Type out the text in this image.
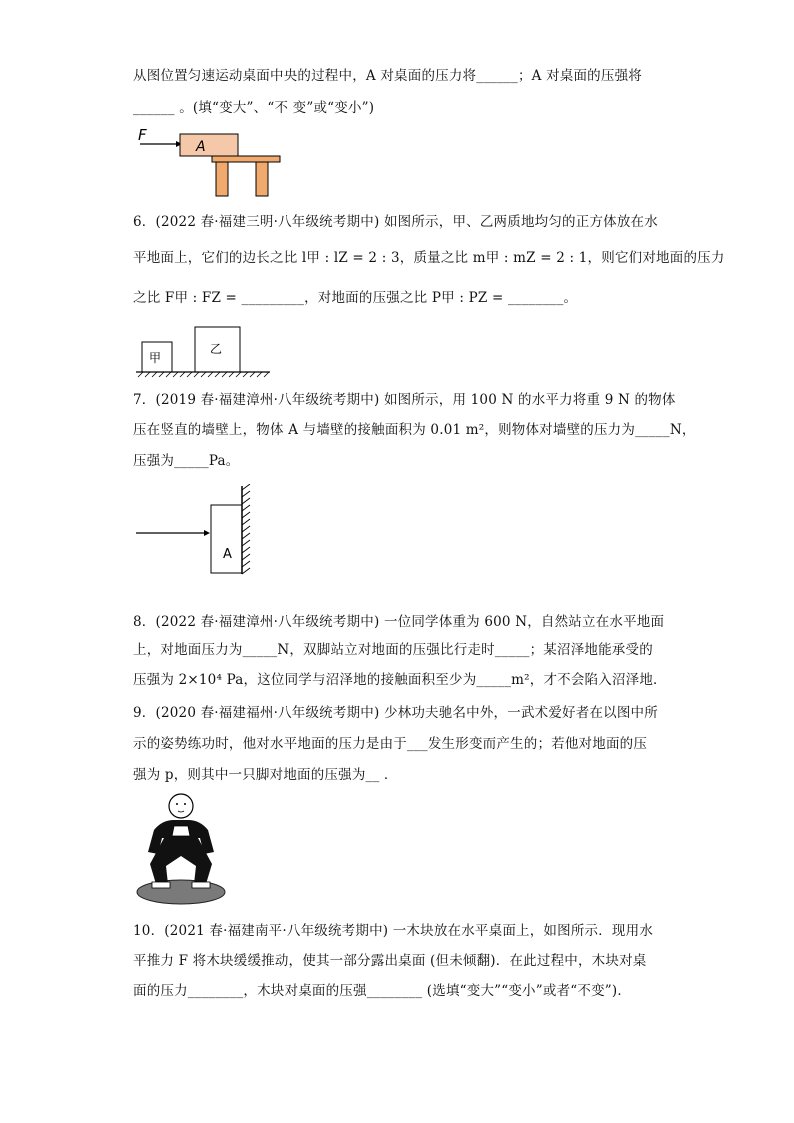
从图位置匀速运动桌面中央的过程中，A 对桌面的压力将______；A 对桌面的压强将
______ 。(填“变大”、“不 变”或“变小”)
F
A
6．(2022 春·福建三明·八年级统考期中) 如图所示，甲、乙两质地均匀的正方体放在水
平地面上，它们的边长之比 l甲 : lZ = 2 : 3，质量之比 m甲 : mZ = 2 : 1，则它们对地面的压力
之比 F甲 : FZ = _________，对地面的压强之比 P甲 : PZ = ________。
甲
乙
7．(2019 春·福建漳州·八年级统考期中) 如图所示，用 100 N 的水平力将重 9 N 的物体
压在竖直的墙壁上，物体 A 与墙壁的接触面积为 0.01 m²，则物体对墙壁的压力为_____N，
压强为_____Pa。
A
8．(2022 春·福建漳州·八年级统考期中) 一位同学体重为 600 N，自然站立在水平地面
上，对地面压力为_____N，双脚站立对地面的压强比行走时_____；某沼泽地能承受的
压强为 2×10⁴ Pa，这位同学与沼泽地的接触面积至少为_____m²，才不会陷入沼泽地．
9．(2020 春·福建福州·八年级统考期中) 少林功夫驰名中外，一武术爱好者在以图中所
示的姿势练功时，他对水平地面的压力是由于___发生形变而产生的；若他对地面的压
强为 p，则其中一只脚对地面的压强为__ ．
10．(2021 春·福建南平·八年级统考期中) 一木块放在水平桌面上，如图所示．现用水
平推力 F 将木块缓缓推动，使其一部分露出桌面 (但未倾翻)．在此过程中，木块对桌
面的压力________，木块对桌面的压强________ (选填“变大”“变小”或者“不变”)．
